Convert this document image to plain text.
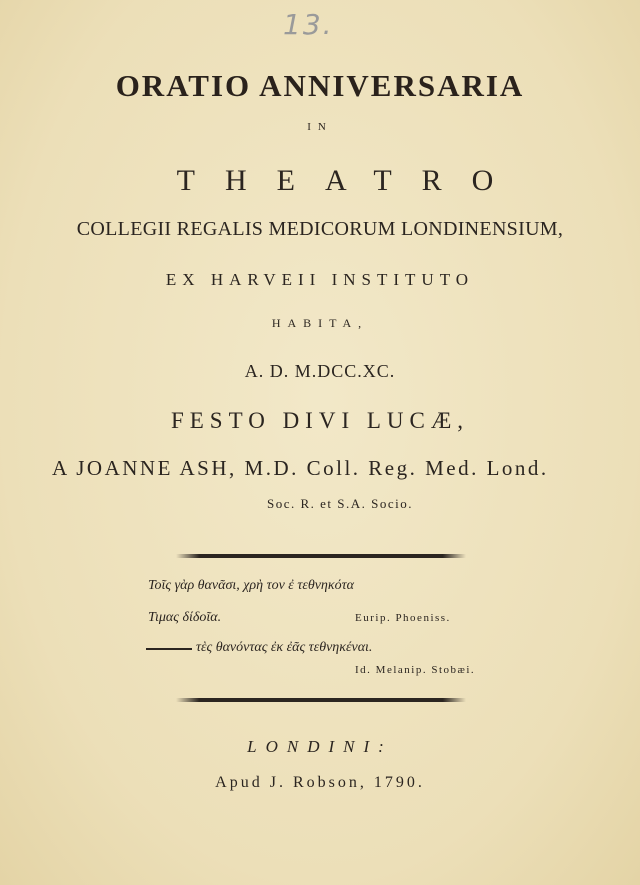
13.
ORATIO ANNIVERSARIA
IN
THEATRO
COLLEGII REGALIS MEDICORUM LONDINENSIUM,
EX HARVEII INSTITUTO
HABITA,
A. D. M.DCC.XC.
FESTO DIVI LUCÆ,
A JOANNE ASH, M.D. Coll. Reg. Med. Lond.
Soc. R. et S.A. Socio.
Τοῖς γὰρ θανᾶσι, χρὴ τον ἐ τεθνηκότα
Τιμας δίδοῖα.	Eurip. Phoeniss.
τὲς θανόντας ἐκ ἐᾶς τεθνηκέναι.
Id. Melanip. Stobæi.
LONDINI:
Apud J. Robson, 1790.
